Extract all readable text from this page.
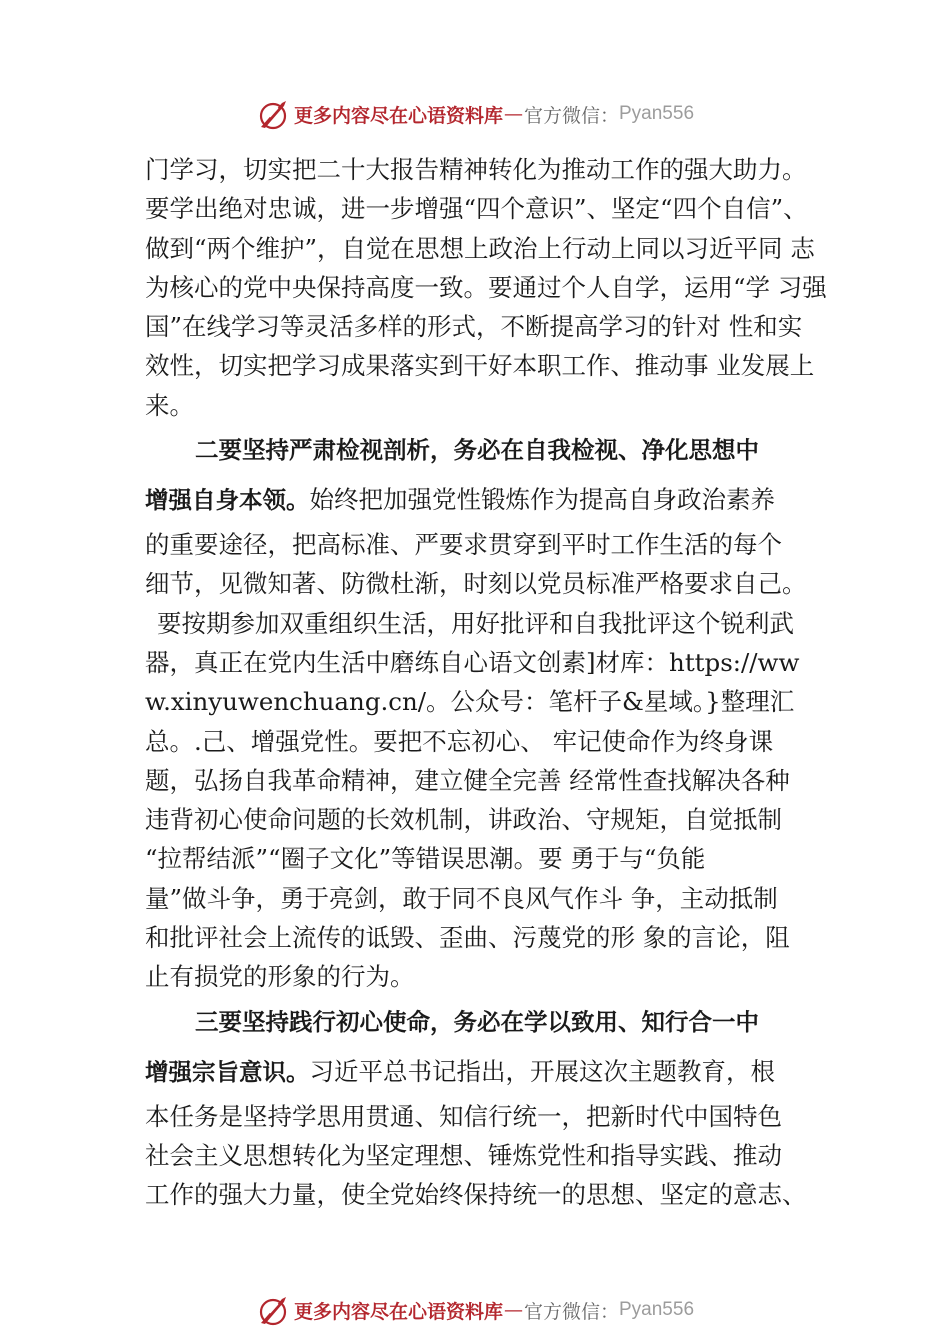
更多内容尽在心语资料库 — 官方微信： Pyan556
门学习，切实把二十大报告精神转化为推动工作的强大助力。
要学出绝对忠诚，进一步增强“四个意识”、坚定“四个自信”、
做到“两个维护”，自觉在思想上政治上行动上同以习近平同 志
为核心的党中央保持高度一致。要通过个人自学，运用“学 习强
国”在线学习等灵活多样的形式，不断提高学习的针对 性和实
效性，切实把学习成果落实到干好本职工作、推动事 业发展上
来。
二要坚持严肃检视剖析，务必在自我检视、净化思想中
增强自身本领。始终把加强党性锻炼作为提高自身政治素养
的重要途径，把高标准、严要求贯穿到平时工作生活的每个
细节，见微知著、防微杜渐，时刻以党员标准严格要求自己。
要按期参加双重组织生活，用好批评和自我批评这个锐利武
器，真正在党内生活中磨练自心语文创素]材库：https://ww
w.xinyuwenchuang.cn/。公众号：笔杆子&星域。}整理汇
总。.己、增强党性。要把不忘初心、 牢记使命作为终身课
题，弘扬自我革命精神，建立健全完善 经常性查找解决各种
违背初心使命问题的长效机制，讲政治、守规矩，自觉抵制
“拉帮结派”“圈子文化”等错误思潮。要 勇于与“负能
量”做斗争，勇于亮剑，敢于同不良风气作斗 争，主动抵制
和批评社会上流传的诋毁、歪曲、污蔑党的形 象的言论，阻
止有损党的形象的行为。
三要坚持践行初心使命，务必在学以致用、知行合一中
增强宗旨意识。习近平总书记指出，开展这次主题教育，根
本任务是坚持学思用贯通、知信行统一，把新时代中国特色
社会主义思想转化为坚定理想、锤炼党性和指导实践、推动
工作的强大力量，使全党始终保持统一的思想、坚定的意志、
更多内容尽在心语资料库 — 官方微信： Pyan556
